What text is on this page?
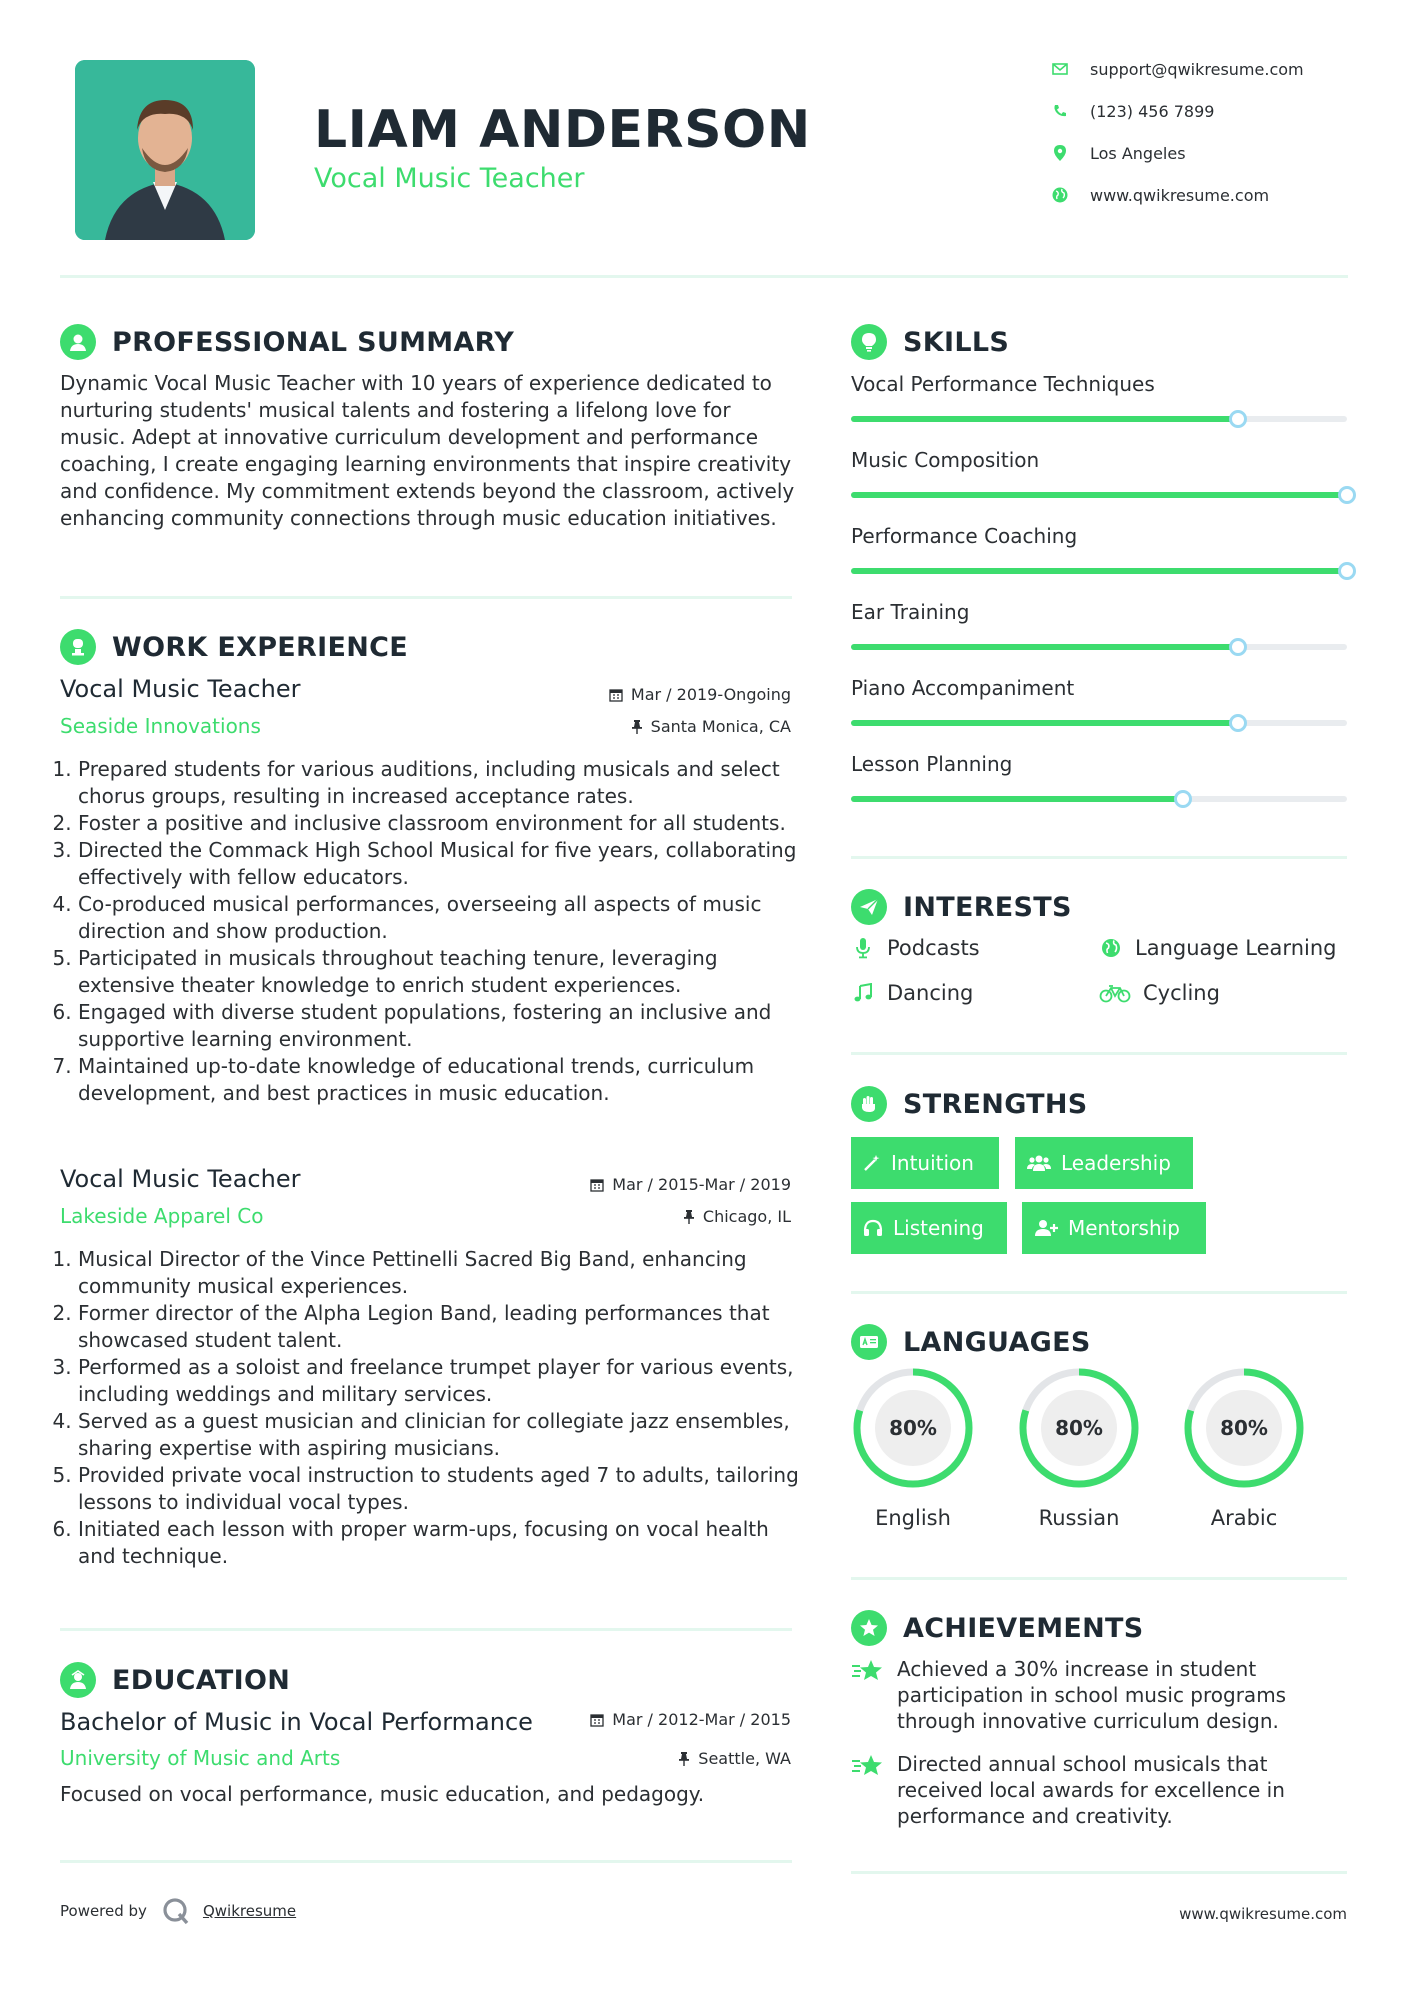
LIAM ANDERSON
Vocal Music Teacher
support@qwikresume.com
(123) 456 7899
Los Angeles
www.qwikresume.com
PROFESSIONAL SUMMARY
Dynamic Vocal Music Teacher with 10 years of experience dedicated to nurturing students' musical talents and fostering a lifelong love for music. Adept at innovative curriculum development and performance coaching, I create engaging learning environments that inspire creativity and confidence. My commitment extends beyond the classroom, actively enhancing community connections through music education initiatives.
WORK EXPERIENCE
Vocal Music Teacher	Mar / 2019-Ongoing
Seaside Innovations	Santa Monica, CA
1. Prepared students for various auditions, including musicals and select chorus groups, resulting in increased acceptance rates.
2. Foster a positive and inclusive classroom environment for all students.
3. Directed the Commack High School Musical for five years, collaborating effectively with fellow educators.
4. Co-produced musical performances, overseeing all aspects of music direction and show production.
5. Participated in musicals throughout teaching tenure, leveraging extensive theater knowledge to enrich student experiences.
6. Engaged with diverse student populations, fostering an inclusive and supportive learning environment.
7. Maintained up-to-date knowledge of educational trends, curriculum development, and best practices in music education.
Vocal Music Teacher	Mar / 2015-Mar / 2019
Lakeside Apparel Co	Chicago, IL
1. Musical Director of the Vince Pettinelli Sacred Big Band, enhancing community musical experiences.
2. Former director of the Alpha Legion Band, leading performances that showcased student talent.
3. Performed as a soloist and freelance trumpet player for various events, including weddings and military services.
4. Served as a guest musician and clinician for collegiate jazz ensembles, sharing expertise with aspiring musicians.
5. Provided private vocal instruction to students aged 7 to adults, tailoring lessons to individual vocal types.
6. Initiated each lesson with proper warm-ups, focusing on vocal health and technique.
EDUCATION
Bachelor of Music in Vocal Performance	Mar / 2012-Mar / 2015
University of Music and Arts	Seattle, WA
Focused on vocal performance, music education, and pedagogy.
SKILLS
Vocal Performance Techniques
Music Composition
Performance Coaching
Ear Training
Piano Accompaniment
Lesson Planning
INTERESTS
Podcasts	Language Learning
Dancing	Cycling
STRENGTHS
Intuition	Leadership
Listening	Mentorship
LANGUAGES
80%
English
80%
Russian
80%
Arabic
ACHIEVEMENTS
Achieved a 30% increase in student participation in school music programs through innovative curriculum design.
Directed annual school musicals that received local awards for excellence in performance and creativity.
Powered by	Qwikresume	www.qwikresume.com
